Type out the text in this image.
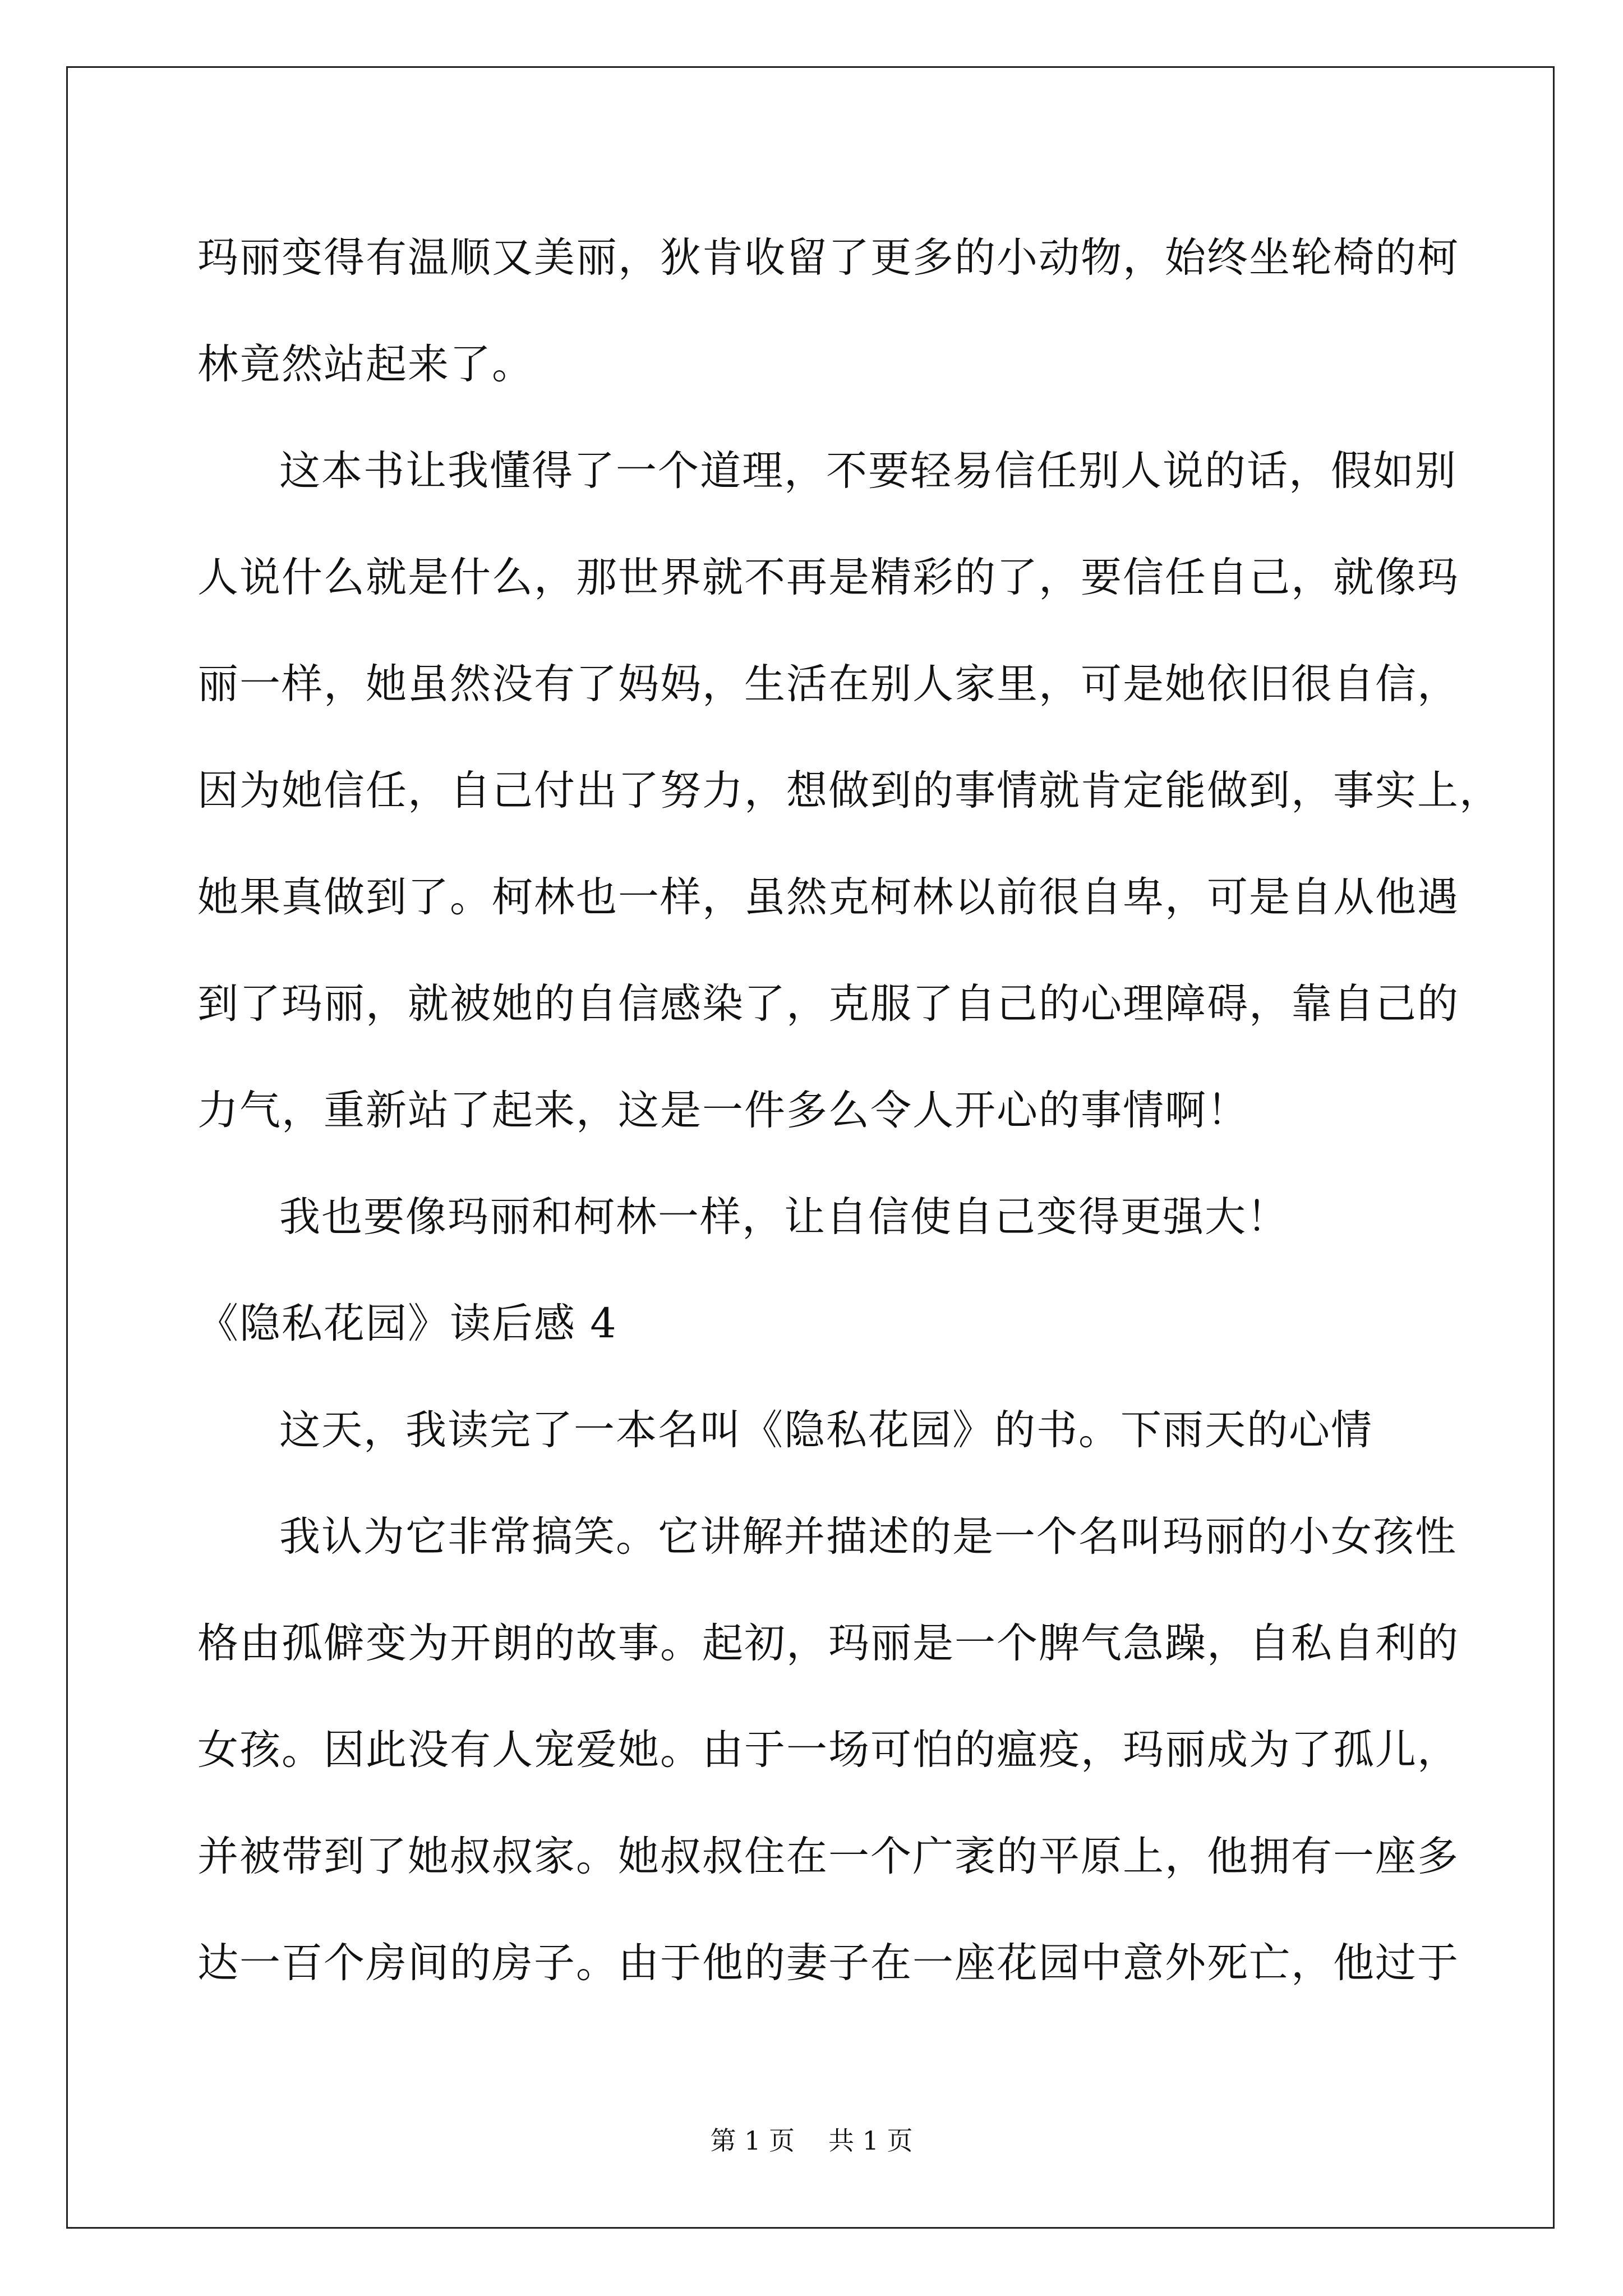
玛丽变得有温顺又美丽，狄肯收留了更多的小动物，始终坐轮椅的柯
林竟然站起来了。
这本书让我懂得了一个道理，不要轻易信任别人说的话，假如别
人说什么就是什么，那世界就不再是精彩的了，要信任自己，就像玛
丽一样，她虽然没有了妈妈，生活在别人家里，可是她依旧很自信，
因为她信任，自己付出了努力，想做到的事情就肯定能做到，事实上，
她果真做到了。柯林也一样，虽然克柯林以前很自卑，可是自从他遇
到了玛丽，就被她的自信感染了，克服了自己的心理障碍，靠自己的
力气，重新站了起来，这是一件多么令人开心的事情啊！
我也要像玛丽和柯林一样，让自信使自己变得更强大！
《隐私花园》读后感 4
这天，我读完了一本名叫《隐私花园》的书。下雨天的心情
我认为它非常搞笑。它讲解并描述的是一个名叫玛丽的小女孩性
格由孤僻变为开朗的故事。起初，玛丽是一个脾气急躁，自私自利的
女孩。因此没有人宠爱她。由于一场可怕的瘟疫，玛丽成为了孤儿，
并被带到了她叔叔家。她叔叔住在一个广袤的平原上，他拥有一座多
达一百个房间的房子。由于他的妻子在一座花园中意外死亡，他过于
第 1 页 共 1 页
